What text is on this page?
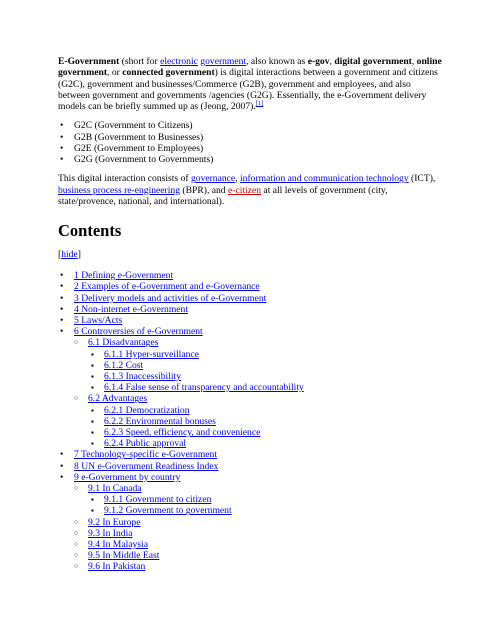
E-Government (short for electronic government, also known as e-gov, digital government, online government, or connected government) is digital interactions between a government and citizens (G2C), government and businesses/Commerce (G2B), government and employees, and also between government and governments /agencies (G2G). Essentially, the e-Government delivery models can be briefly summed up as (Jeong, 2007).[1]

• G2C (Government to Citizens)
• G2B (Government to Businesses)
• G2E (Government to Employees)
• G2G (Government to Governments)

This digital interaction consists of governance, information and communication technology (ICT), business process re-engineering (BPR), and e-citizen at all levels of government (city, state/provence, national, and international).

Contents
[hide]
• 1 Defining e-Government
• 2 Examples of e-Government and e-Governance
• 3 Delivery models and activities of e-Government
• 4 Non-internet e-Government
• 5 Laws/Acts
• 6 Controversies of e-Government
○ 6.1 Disadvantages
▪ 6.1.1 Hyper-surveillance
▪ 6.1.2 Cost
▪ 6.1.3 Inaccessibility
▪ 6.1.4 False sense of transparency and accountability
○ 6.2 Advantages
▪ 6.2.1 Democratization
▪ 6.2.2 Environmental bonuses
▪ 6.2.3 Speed, efficiency, and convenience
▪ 6.2.4 Public approval
• 7 Technology-specific e-Government
• 8 UN e-Government Readiness Index
• 9 e-Government by country
○ 9.1 In Canada
▪ 9.1.1 Government to citizen
▪ 9.1.2 Government to government
○ 9.2 In Europe
○ 9.3 In India
○ 9.4 In Malaysia
○ 9.5 In Middle East
○ 9.6 In Pakistan
